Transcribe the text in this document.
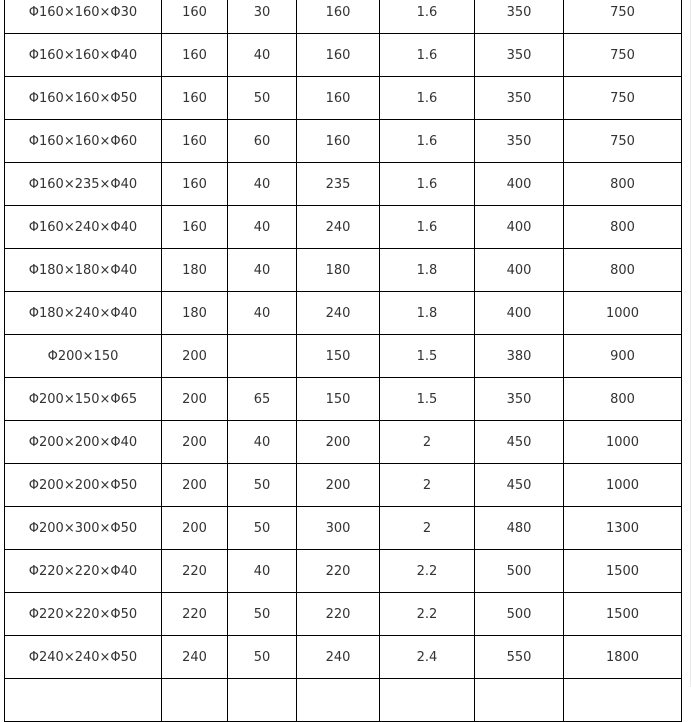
Φ160×160×Φ30	160	30	160	1.6	350	750
Φ160×160×Φ40	160	40	160	1.6	350	750
Φ160×160×Φ50	160	50	160	1.6	350	750
Φ160×160×Φ60	160	60	160	1.6	350	750
Φ160×235×Φ40	160	40	235	1.6	400	800
Φ160×240×Φ40	160	40	240	1.6	400	800
Φ180×180×Φ40	180	40	180	1.8	400	800
Φ180×240×Φ40	180	40	240	1.8	400	1000
Φ200×150	200		150	1.5	380	900
Φ200×150×Φ65	200	65	150	1.5	350	800
Φ200×200×Φ40	200	40	200	2	450	1000
Φ200×200×Φ50	200	50	200	2	450	1000
Φ200×300×Φ50	200	50	300	2	480	1300
Φ220×220×Φ40	220	40	220	2.2	500	1500
Φ220×220×Φ50	220	50	220	2.2	500	1500
Φ240×240×Φ50	240	50	240	2.4	550	1800
